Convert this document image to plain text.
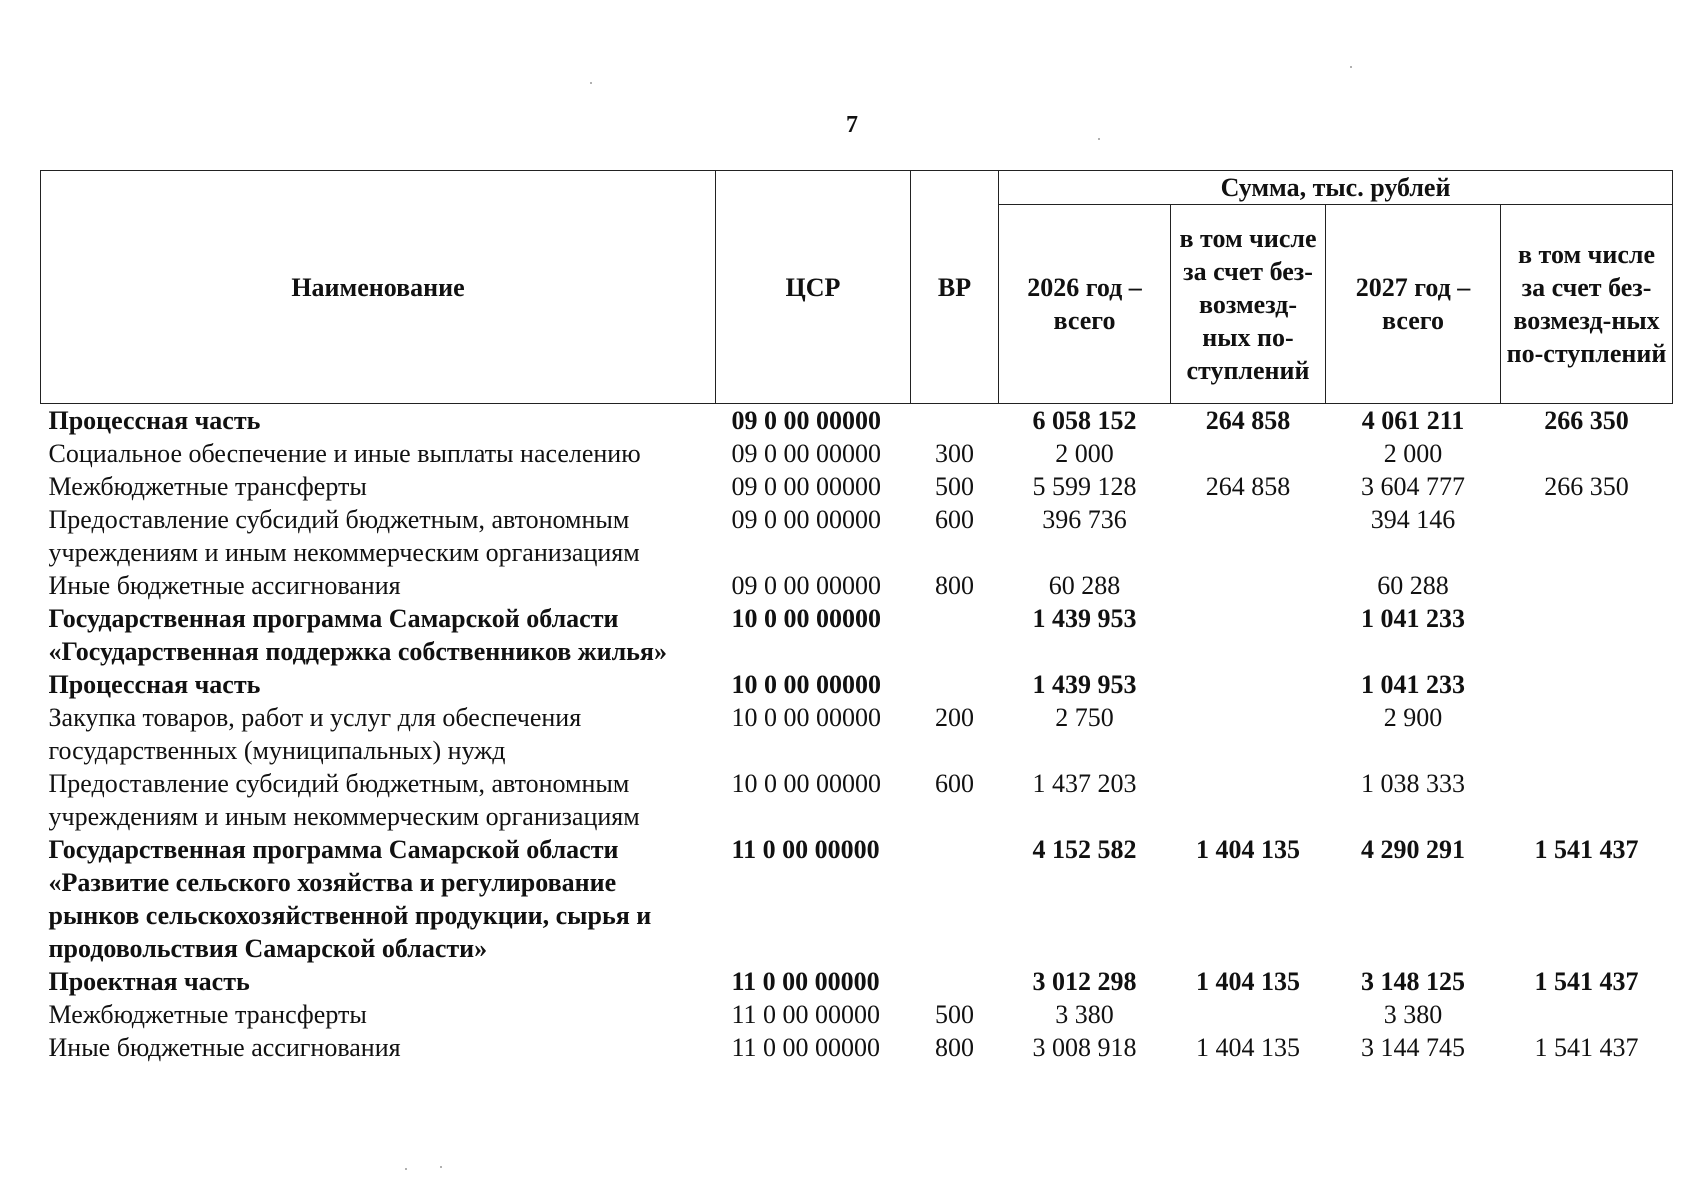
7
Наименование	ЦСР	ВР	Сумма, тыс. рублей			
			2026 год – всего	в том числе за счет без-возмезд-ных по-ступлений	2027 год – всего	в том числе за счет без-возмезд-ных по-ступлений
Процессная часть	09 0 00 00000		6 058 152	264 858	4 061 211	266 350
Социальное обеспечение и иные выплаты населению	09 0 00 00000	300	2 000		2 000	
Межбюджетные трансферты	09 0 00 00000	500	5 599 128	264 858	3 604 777	266 350
Предоставление субсидий бюджетным, автономным учреждениям и иным некоммерческим организациям	09 0 00 00000	600	396 736		394 146	
Иные бюджетные ассигнования	09 0 00 00000	800	60 288		60 288	
Государственная программа Самарской области «Государственная поддержка собственников жилья»	10 0 00 00000		1 439 953		1 041 233	
Процессная часть	10 0 00 00000		1 439 953		1 041 233	
Закупка товаров, работ и услуг для обеспечения государственных (муниципальных) нужд	10 0 00 00000	200	2 750		2 900	
Предоставление субсидий бюджетным, автономным учреждениям и иным некоммерческим организациям	10 0 00 00000	600	1 437 203		1 038 333	
Государственная программа Самарской области «Развитие сельского хозяйства и регулирование рынков сельскохозяйственной продукции, сырья и продовольствия Самарской области»	11 0 00 00000		4 152 582	1 404 135	4 290 291	1 541 437
Проектная часть	11 0 00 00000		3 012 298	1 404 135	3 148 125	1 541 437
Межбюджетные трансферты	11 0 00 00000	500	3 380		3 380	
Иные бюджетные ассигнования	11 0 00 00000	800	3 008 918	1 404 135	3 144 745	1 541 437
